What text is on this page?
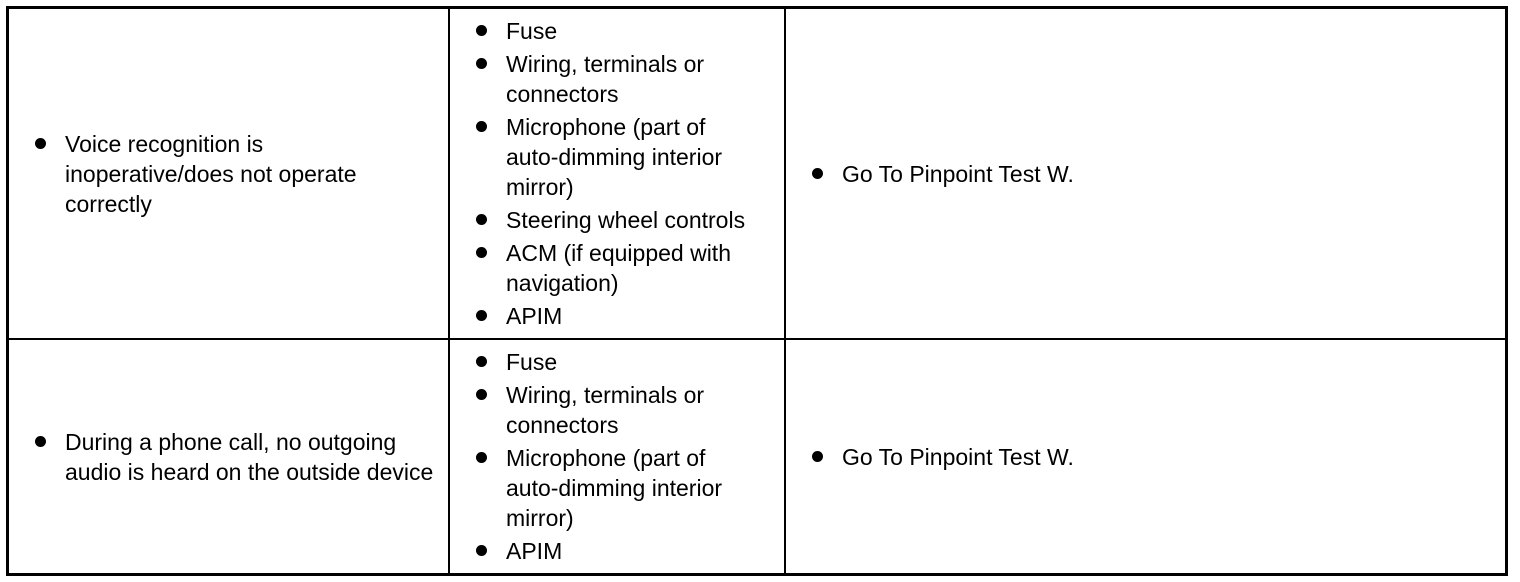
Voice recognition is inoperative/does not operate correctly
Fuse
Wiring, terminals or connectors
Microphone (part of auto-dimming interior mirror)
Steering wheel controls
ACM (if equipped with navigation)
APIM
Go To Pinpoint Test W.
During a phone call, no outgoing audio is heard on the outside device
Fuse
Wiring, terminals or connectors
Microphone (part of auto-dimming interior mirror)
APIM
Go To Pinpoint Test W.
